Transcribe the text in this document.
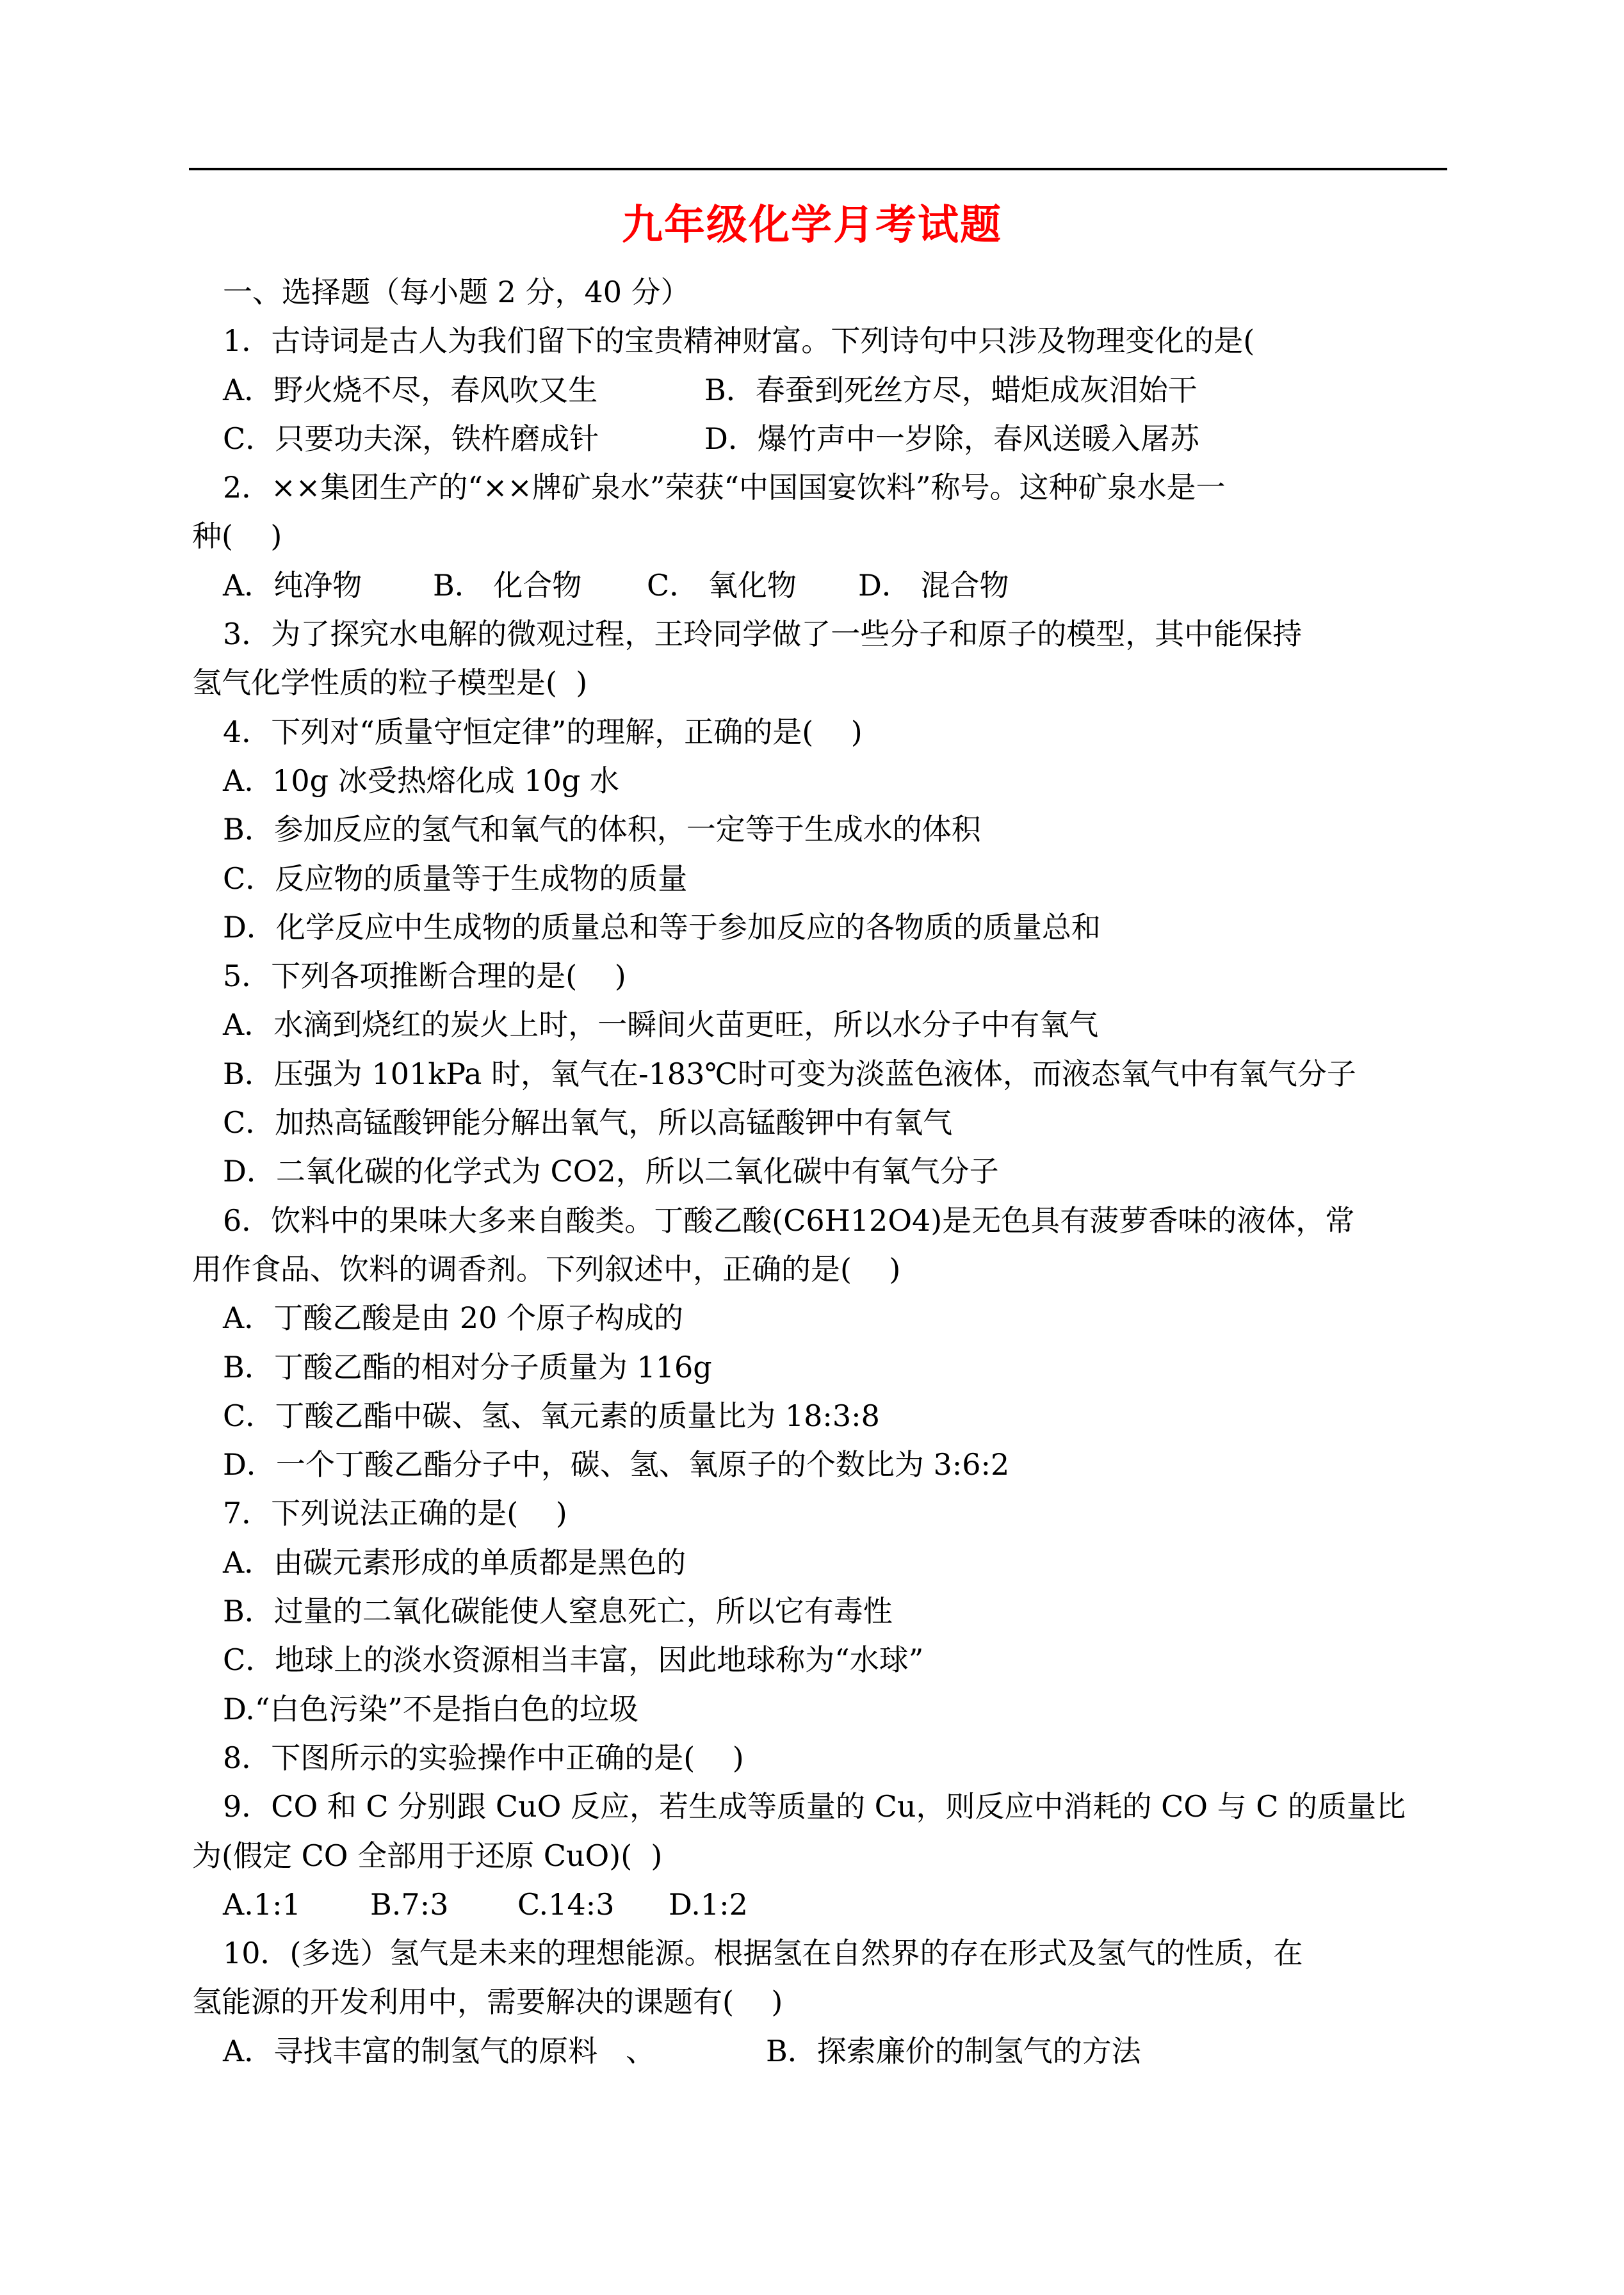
九年级化学月考试题
一、选择题（每小题 2 分，40 分）
1．古诗词是古人为我们留下的宝贵精神财富。下列诗句中只涉及物理变化的是(
A．野火烧不尽，春风吹又生	B．春蚕到死丝方尽，蜡炬成灰泪始干
C．只要功夫深，铁杵磨成针	D．爆竹声中一岁除，春风送暖入屠苏
2．××集团生产的“××牌矿泉水”荣获“中国国宴饮料”称号。这种矿泉水是一
种(    )
A．纯净物 B． 化合物 C． 氧化物 D． 混合物
3．为了探究水电解的微观过程，王玲同学做了一些分子和原子的模型，其中能保持
氢气化学性质的粒子模型是(  )
4．下列对“质量守恒定律”的理解，正确的是(    )
A.  10g 冰受热熔化成 10g 水
B．参加反应的氢气和氧气的体积，一定等于生成水的体积
C．反应物的质量等于生成物的质量
D．化学反应中生成物的质量总和等于参加反应的各物质的质量总和
5．下列各项推断合理的是(    )
A．水滴到烧红的炭火上时，一瞬间火苗更旺，所以水分子中有氧气
B．压强为 101kPa 时，氧气在-183℃时可变为淡蓝色液体，而液态氧气中有氧气分子
C．加热高锰酸钾能分解出氧气，所以高锰酸钾中有氧气
D．二氧化碳的化学式为 CO2，所以二氧化碳中有氧气分子
6．饮料中的果味大多来自酸类。丁酸乙酸(C6H12O4)是无色具有菠萝香味的液体，常
用作食品、饮料的调香剂。下列叙述中，正确的是(    )
A．丁酸乙酸是由 20 个原子构成的
B．丁酸乙酯的相对分子质量为 116g
C．丁酸乙酯中碳、氢、氧元素的质量比为 18:3:8
D．一个丁酸乙酯分子中，碳、氢、氧原子的个数比为 3:6:2
7．下列说法正确的是(    )
A．由碳元素形成的单质都是黑色的
B．过量的二氧化碳能使人窒息死亡，所以它有毒性
C．地球上的淡水资源相当丰富，因此地球称为“水球”
D.“白色污染”不是指白色的垃圾
8．下图所示的实验操作中正确的是(    )
9．CO 和 C 分别跟 CuO 反应，若生成等质量的 Cu，则反应中消耗的 CO 与 C 的质量比
为(假定 CO 全部用于还原 CuO)(  )
A.1:1 B.7:3 C.14:3 D.1:2
10．(多选）氢气是未来的理想能源。根据氢在自然界的存在形式及氢气的性质，在
氢能源的开发利用中，需要解决的课题有(    )
A．寻找丰富的制氢气的原料   、	B．探索廉价的制氢气的方法
